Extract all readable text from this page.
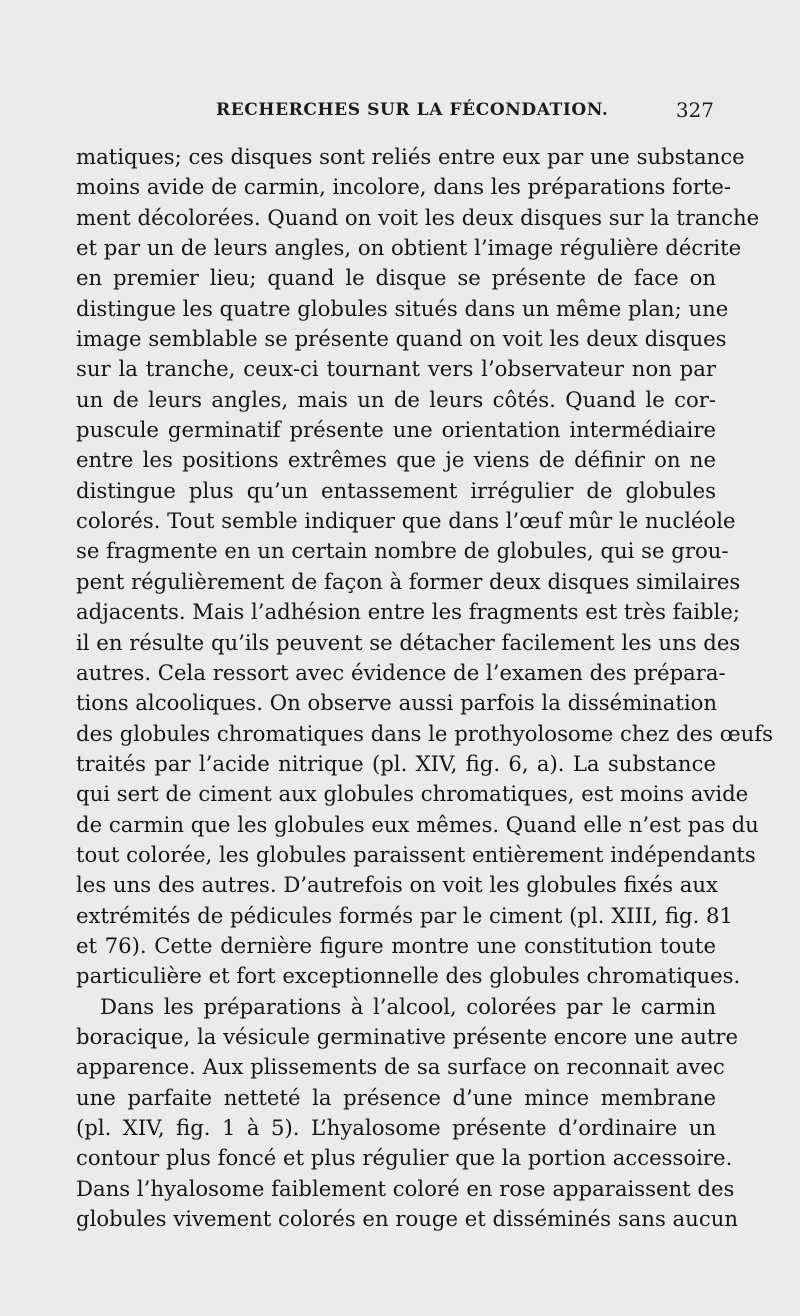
RECHERCHES SUR LA FÉCONDATION.	327
matiques; ces disques sont reliés entre eux par une substance
moins avide de carmin, incolore, dans les préparations forte-
ment décolorées. Quand on voit les deux disques sur la tranche
et par un de leurs angles, on obtient l’image régulière décrite
en premier lieu; quand le disque se présente de face on
distingue les quatre globules situés dans un même plan; une
image semblable se présente quand on voit les deux disques
sur la tranche, ceux-ci tournant vers l’observateur non par
un de leurs angles, mais un de leurs côtés. Quand le cor-
puscule germinatif présente une orientation intermédiaire
entre les positions extrêmes que je viens de définir on ne
distingue plus qu’un entassement irrégulier de globules
colorés. Tout semble indiquer que dans l’œuf mûr le nucléole
se fragmente en un certain nombre de globules, qui se grou-
pent régulièrement de façon à former deux disques similaires
adjacents. Mais l’adhésion entre les fragments est très faible;
il en résulte qu’ils peuvent se détacher facilement les uns des
autres. Cela ressort avec évidence de l’examen des prépara-
tions alcooliques. On observe aussi parfois la dissémination
des globules chromatiques dans le prothyolosome chez des œufs
traités par l’acide nitrique (pl. XIV, fig. 6, a). La substance
qui sert de ciment aux globules chromatiques, est moins avide
de carmin que les globules eux mêmes. Quand elle n’est pas du
tout colorée, les globules paraissent entièrement indépendants
les uns des autres. D’autrefois on voit les globules fixés aux
extrémités de pédicules formés par le ciment (pl. XIII, fig. 81
et 76). Cette dernière figure montre une constitution toute
particulière et fort exceptionnelle des globules chromatiques.
Dans les préparations à l’alcool, colorées par le carmin
boracique, la vésicule germinative présente encore une autre
apparence. Aux plissements de sa surface on reconnait avec
une parfaite netteté la présence d’une mince membrane
(pl. XIV, fig. 1 à 5). L’hyalosome présente d’ordinaire un
contour plus foncé et plus régulier que la portion accessoire.
Dans l’hyalosome faiblement coloré en rose apparaissent des
globules vivement colorés en rouge et disséminés sans aucun
